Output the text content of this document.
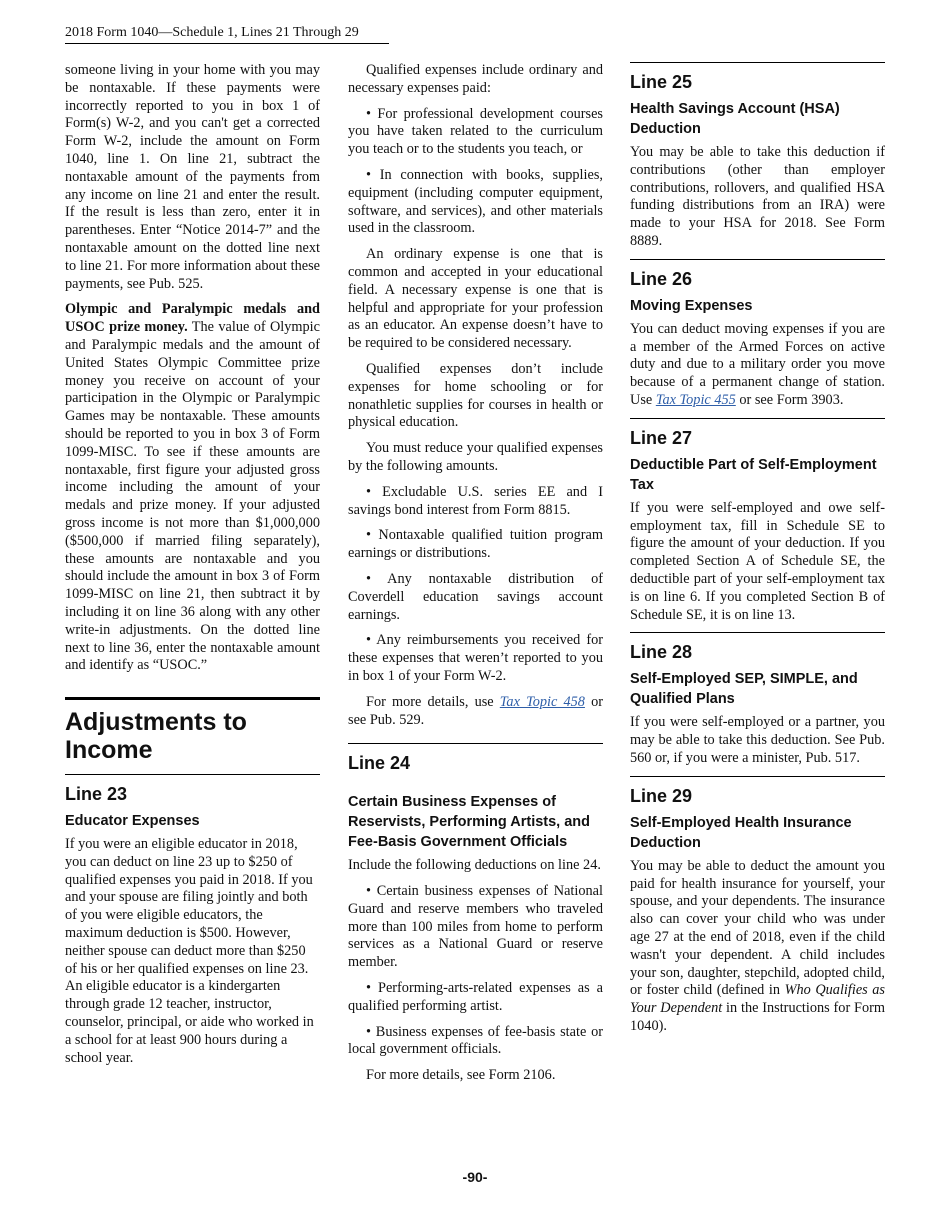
2018 Form 1040—Schedule 1, Lines 21 Through 29

someone living in your home with you may be nontaxable. If these payments were incorrectly reported to you in box 1 of Form(s) W-2, and you can't get a corrected Form W-2, include the amount on Form 1040, line 1. On line 21, subtract the nontaxable amount of the payments from any income on line 21 and enter the result. If the result is less than zero, enter it in parentheses. Enter “Notice 2014-7” and the nontaxable amount on the dotted line next to line 21. For more information about these payments, see Pub. 525.

Olympic and Paralympic medals and USOC prize money. The value of Olympic and Paralympic medals and the amount of United States Olympic Committee prize money you receive on account of your participation in the Olympic or Paralympic Games may be nontaxable. These amounts should be reported to you in box 3 of Form 1099-MISC. To see if these amounts are nontaxable, first figure your adjusted gross income including the amount of your medals and prize money. If your adjusted gross income is not more than $1,000,000 ($500,000 if married filing separately), these amounts are nontaxable and you should include the amount in box 3 of Form 1099-MISC on line 21, then subtract it by including it on line 36 along with any other write-in adjustments. On the dotted line next to line 36, enter the nontaxable amount and identify as “USOC.”

Adjustments to Income
Line 23
Educator Expenses

If you were an eligible educator in 2018, you can deduct on line 23 up to $250 of qualified expenses you paid in 2018. If you and your spouse are filing jointly and both of you were eligible educators, the maximum deduction is $500. However, neither spouse can deduct more than $250 of his or her qualified expenses on line 23. An eligible educator is a kindergarten through grade 12 teacher, instructor, counselor, principal, or aide who worked in a school for at least 900 hours during a school year.

Qualified expenses include ordinary and necessary expenses paid:

• For professional development courses you have taken related to the curriculum you teach or to the students you teach, or

• In connection with books, supplies, equipment (including computer equipment, software, and services), and other materials used in the classroom.

An ordinary expense is one that is common and accepted in your educational field. A necessary expense is one that is helpful and appropriate for your profession as an educator. An expense doesn’t have to be required to be considered necessary.

Qualified expenses don’t include expenses for home schooling or for nonathletic supplies for courses in health or physical education.

You must reduce your qualified expenses by the following amounts.

• Excludable U.S. series EE and I savings bond interest from Form 8815.

• Nontaxable qualified tuition program earnings or distributions.

• Any nontaxable distribution of Coverdell education savings account earnings.

• Any reimbursements you received for these expenses that weren’t reported to you in box 1 of your Form W-2.

For more details, use Tax Topic 458 or see Pub. 529.

Line 24
Certain Business Expenses of Reservists, Performing Artists, and Fee-Basis Government Officials

Include the following deductions on line 24.

• Certain business expenses of National Guard and reserve members who traveled more than 100 miles from home to perform services as a National Guard or reserve member.

• Performing-arts-related expenses as a qualified performing artist.

• Business expenses of fee-basis state or local government officials.

For more details, see Form 2106.

Line 25
Health Savings Account (HSA) Deduction

You may be able to take this deduction if contributions (other than employer contributions, rollovers, and qualified HSA funding distributions from an IRA) were made to your HSA for 2018. See Form 8889.

Line 26
Moving Expenses

You can deduct moving expenses if you are a member of the Armed Forces on active duty and due to a military order you move because of a permanent change of station. Use Tax Topic 455 or see Form 3903.

Line 27
Deductible Part of Self-Employment Tax

If you were self-employed and owe self-employment tax, fill in Schedule SE to figure the amount of your deduction. If you completed Section A of Schedule SE, the deductible part of your self-employment tax is on line 6. If you completed Section B of Schedule SE, it is on line 13.

Line 28
Self-Employed SEP, SIMPLE, and Qualified Plans

If you were self-employed or a partner, you may be able to take this deduction. See Pub. 560 or, if you were a minister, Pub. 517.

Line 29
Self-Employed Health Insurance Deduction

You may be able to deduct the amount you paid for health insurance for yourself, your spouse, and your dependents. The insurance also can cover your child who was under age 27 at the end of 2018, even if the child wasn't your dependent. A child includes your son, daughter, stepchild, adopted child, or foster child (defined in Who Qualifies as Your Dependent in the Instructions for Form 1040).

-90-
